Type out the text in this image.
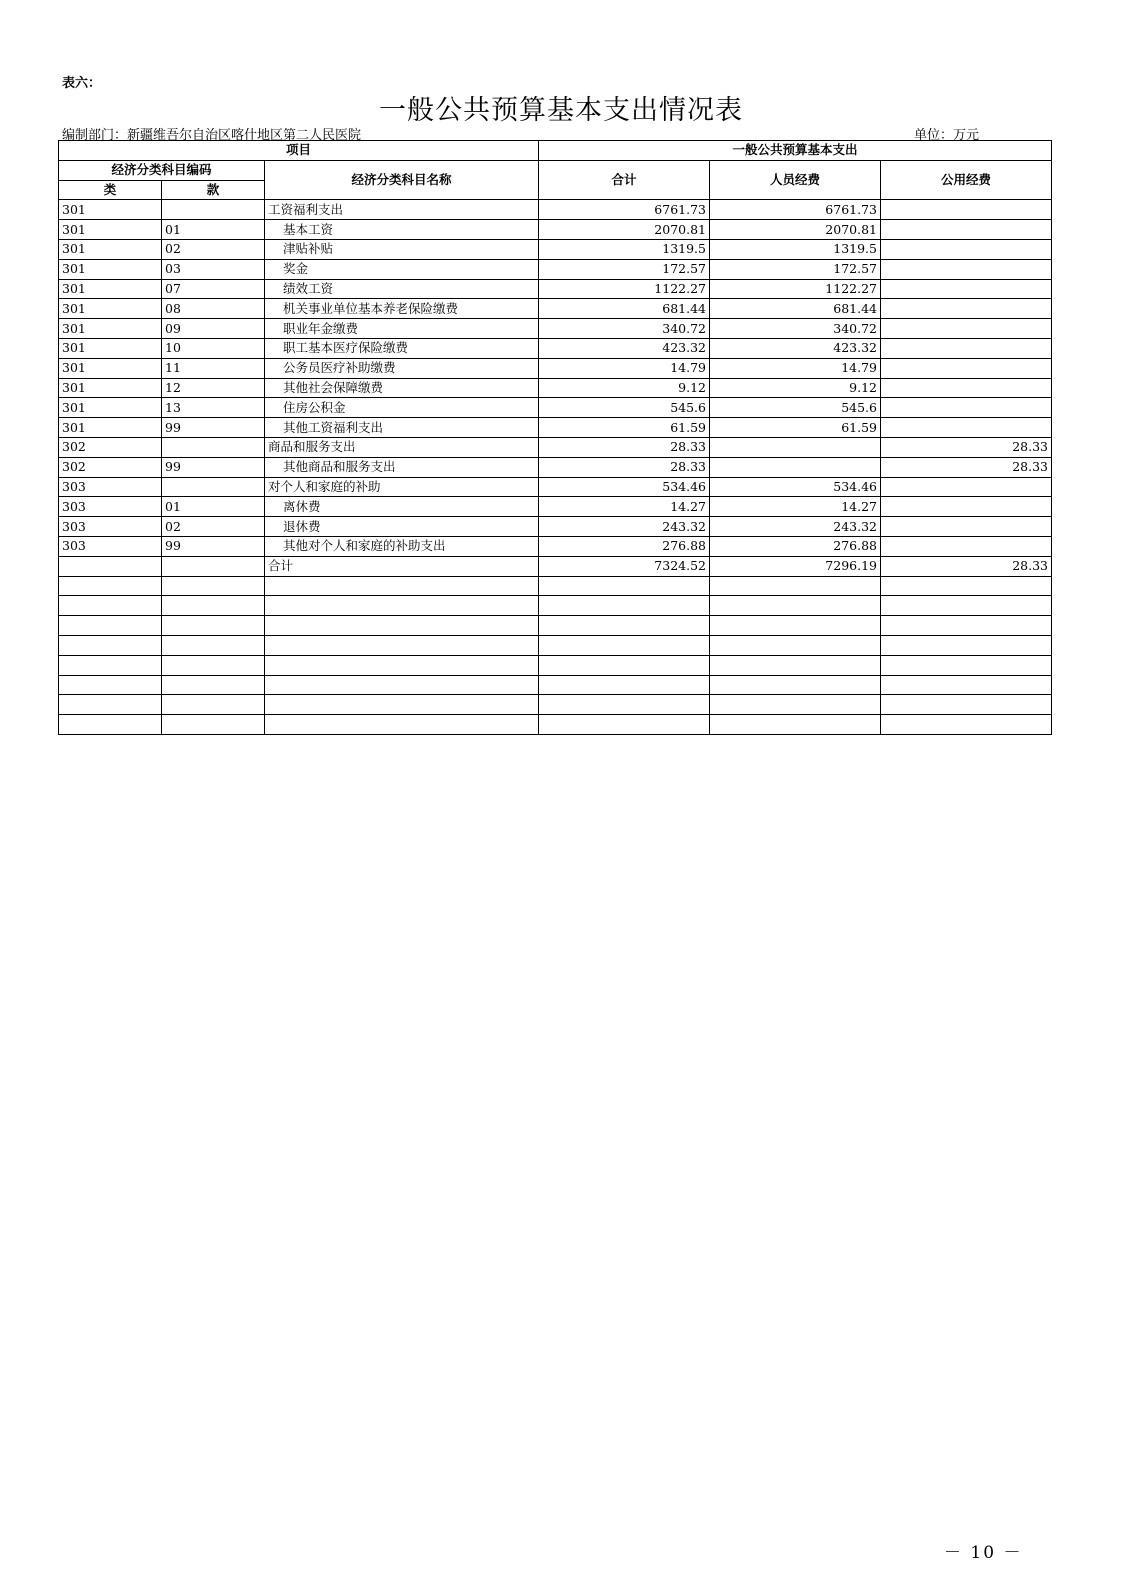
表六：
一般公共预算基本支出情况表
编制部门：新疆维吾尔自治区喀什地区第二人民医院	单位：万元
项目			一般公共预算基本支出		
经济分类科目编码		经济分类科目名称	合计	人员经费	公用经费
类	款				
301		工资福利支出	6761.73	6761.73	
301	01	基本工资	2070.81	2070.81	
301	02	津贴补贴	1319.5	1319.5	
301	03	奖金	172.57	172.57	
301	07	绩效工资	1122.27	1122.27	
301	08	机关事业单位基本养老保险缴费	681.44	681.44	
301	09	职业年金缴费	340.72	340.72	
301	10	职工基本医疗保险缴费	423.32	423.32	
301	11	公务员医疗补助缴费	14.79	14.79	
301	12	其他社会保障缴费	9.12	9.12	
301	13	住房公积金	545.6	545.6	
301	99	其他工资福利支出	61.59	61.59	
302		商品和服务支出	28.33		28.33
302	99	其他商品和服务支出	28.33		28.33
303		对个人和家庭的补助	534.46	534.46	
303	01	离休费	14.27	14.27	
303	02	退休费	243.32	243.32	
303	99	其他对个人和家庭的补助支出	276.88	276.88	
		合计	7324.52	7296.19	28.33

－ 10 －
